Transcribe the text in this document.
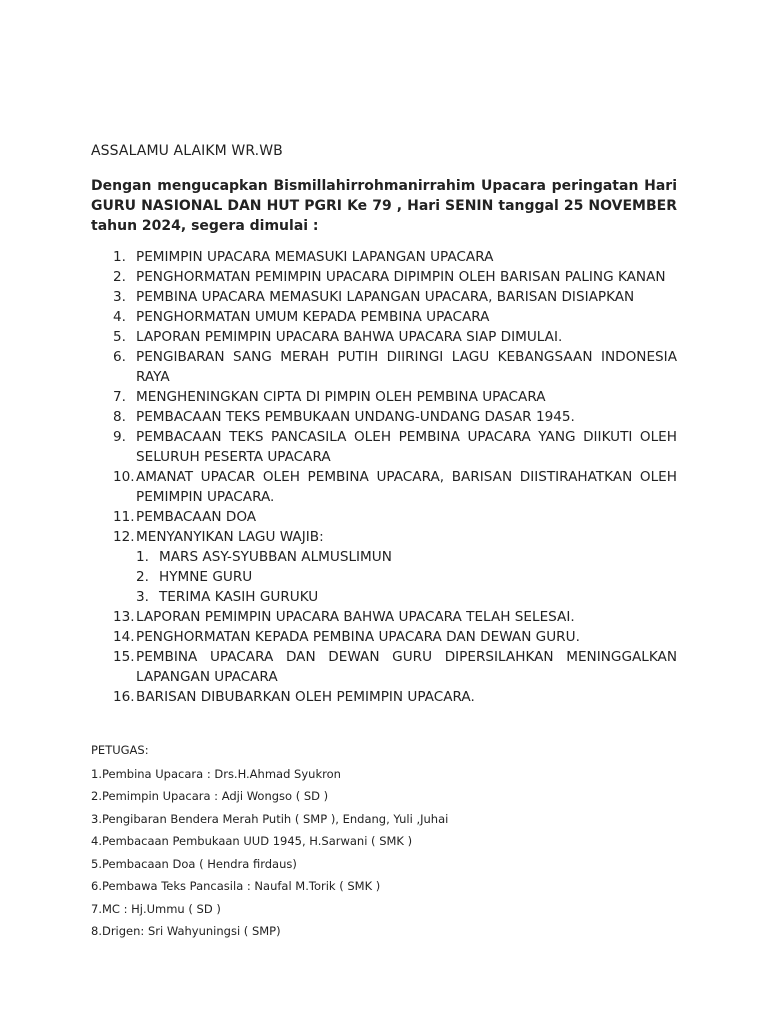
ASSALAMU ALAIKM WR.WB
Dengan mengucapkan Bismillahirrohmanirrahim Upacara peringatan Hari GURU NASIONAL DAN HUT PGRI Ke 79 , Hari SENIN tanggal 25 NOVEMBER tahun 2024, segera dimulai :
1. PEMIMPIN UPACARA MEMASUKI LAPANGAN UPACARA
2. PENGHORMATAN PEMIMPIN UPACARA DIPIMPIN OLEH BARISAN PALING KANAN
3. PEMBINA UPACARA MEMASUKI LAPANGAN UPACARA, BARISAN DISIAPKAN
4. PENGHORMATAN UMUM KEPADA PEMBINA UPACARA
5. LAPORAN PEMIMPIN UPACARA BAHWA UPACARA SIAP DIMULAI.
6. PENGIBARAN SANG MERAH PUTIH DIIRINGI LAGU KEBANGSAAN INDONESIA RAYA
7. MENGHENINGKAN CIPTA DI PIMPIN OLEH PEMBINA UPACARA
8. PEMBACAAN TEKS PEMBUKAAN UNDANG-UNDANG DASAR 1945.
9. PEMBACAAN TEKS PANCASILA OLEH PEMBINA UPACARA YANG DIIKUTI OLEH SELURUH PESERTA UPACARA
10. AMANAT UPACAR OLEH PEMBINA UPACARA, BARISAN DIISTIRAHATKAN OLEH PEMIMPIN UPACARA.
11. PEMBACAAN DOA
12. MENYANYIKAN LAGU WAJIB:
1. MARS ASY-SYUBBAN ALMUSLIMUN
2. HYMNE GURU
3. TERIMA KASIH GURUKU
13. LAPORAN PEMIMPIN UPACARA BAHWA UPACARA TELAH SELESAI.
14. PENGHORMATAN KEPADA PEMBINA UPACARA DAN DEWAN GURU.
15. PEMBINA UPACARA DAN DEWAN GURU DIPERSILAHKAN MENINGGALKAN LAPANGAN UPACARA
16. BARISAN DIBUBARKAN OLEH PEMIMPIN UPACARA.
PETUGAS:
1.Pembina Upacara : Drs.H.Ahmad Syukron
2.Pemimpin Upacara : Adji Wongso ( SD )
3.Pengibaran Bendera Merah Putih ( SMP ), Endang, Yuli ,Juhai
4.Pembacaan Pembukaan UUD 1945, H.Sarwani ( SMK )
5.Pembacaan Doa ( Hendra firdaus)
6.Pembawa Teks Pancasila : Naufal M.Torik ( SMK )
7.MC : Hj.Ummu ( SD )
8.Drigen: Sri Wahyuningsi ( SMP)
